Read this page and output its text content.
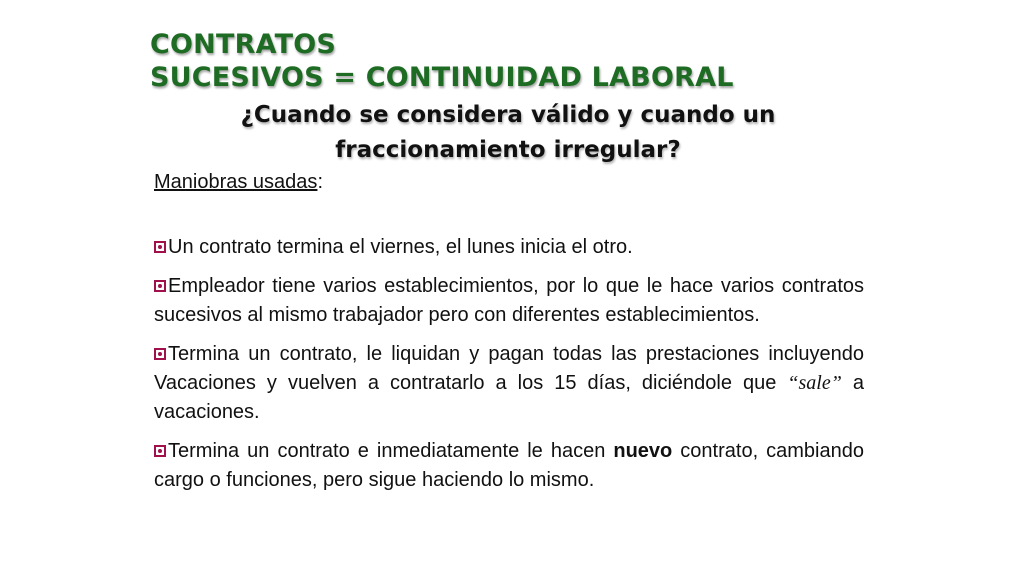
CONTRATOS
SUCESIVOS = CONTINUIDAD LABORAL
¿Cuando se considera válido y cuando un fraccionamiento irregular?

Maniobras usadas:

Un contrato termina el viernes, el lunes inicia el otro.
Empleador tiene varios establecimientos, por lo que le hace varios contratos sucesivos al mismo trabajador pero con diferentes establecimientos.
Termina un contrato, le liquidan y pagan todas las prestaciones incluyendo Vacaciones y vuelven a contratarlo a los 15 días, diciéndole que “sale” a vacaciones.
Termina un contrato e inmediatamente le hacen nuevo contrato, cambiando cargo o funciones, pero sigue haciendo lo mismo.
